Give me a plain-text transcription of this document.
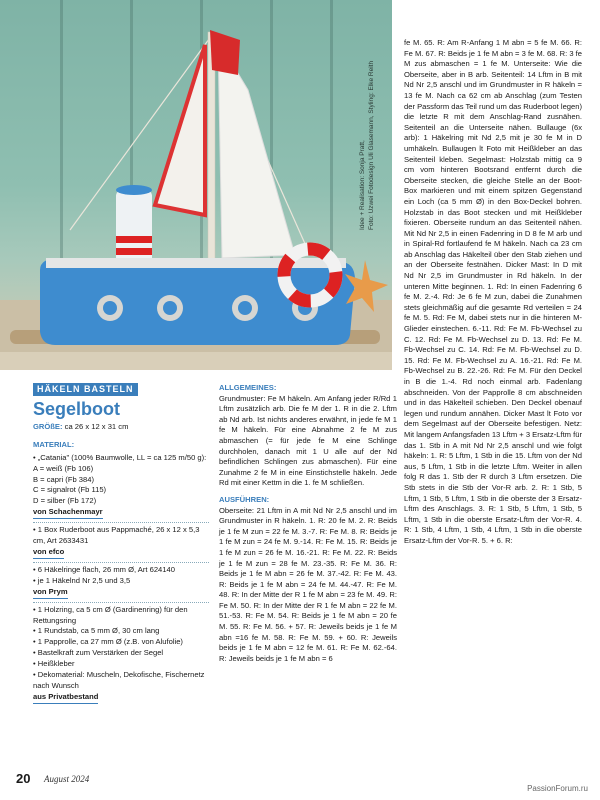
Idee + Realisation: Sonja Pratt, Foto: Uzwei Fotodesign Uli Glasemann, Styling: Elke Reith
HÄKELN BASTELN
Segelboot
GRÖßE: ca 26 x 12 x 31 cm
MATERIAL:
• „Catania" (100% Baumwolle, LL = ca 125 m/50 g):
A = weiß (Fb 106)
B = capri (Fb 384)
C = signalrot (Fb 115)
D = silber (Fb 172)
von Schachenmayr
• 1 Box Ruderboot aus Pappmaché, 26 x 12 x 5,3 cm, Art 2633431
von efco
• 6 Häkelringe flach, 26 mm Ø, Art 624140
• je 1 Häkelnd Nr 2,5 und 3,5
von Prym
• 1 Holzring, ca 5 cm Ø (Gardinenring) für den Rettungsring
• 1 Rundstab, ca 5 mm Ø, 30 cm lang
• 1 Papprolle, ca 27 mm Ø (z.B. von Alufolie)
• Bastelkraft zum Verstärken der Segel
• Heißkleber
• Dekomaterial: Muscheln, Dekofische, Fischernetz nach Wunsch
aus Privatbestand
ALLGEMEINES:

Grundmuster: Fe M häkeln. Am Anfang jeder R/Rd 1 Lftm zusätzlich arb. Die fe M der 1. R in die 2. Lftm ab Nd arb. Ist nichts anderes erwähnt, in jede fe M 1 fe M häkeln. Für eine Abnahme 2 fe M zus abmaschen (= für jede fe M eine Schlinge durchholen, danach mit 1 U alle auf der Nd befindlichen Schlingen zus abmaschen). Für eine Zunahme 2 fe M in eine Einstichstelle häkeln. Jede Rd mit einer Kettm in die 1. fe M schließen.

AUSFÜHREN:

Oberseite: 21 Lftm in A mit Nd Nr 2,5 anschl und im Grundmuster in R häkeln. 1. R: 20 fe M. 2. R: Beids je 1 fe M zun = 22 fe M. 3.-7. R: Fe M. 8. R: Beids je 1 fe M zun = 24 fe M. 9.-14. R: Fe M. 15. R: Beids je 1 fe M zun = 26 fe M. 16.-21. R: Fe M. 22. R: Beids je 1 fe M zun = 28 fe M. 23.-35. R: Fe M. 36. R: Beids je 1 fe M abn = 26 fe M. 37.-42. R: Fe M. 43. R: Beids je 1 fe M abn = 24 fe M. 44.-47. R: Fe M. 48. R: In der Mitte der R 1 fe M abn = 23 fe M. 49. R: Fe M. 50. R: In der Mitte der R 1 fe M abn = 22 fe M. 51.-53. R: Fe M. 54. R: Beids je 1 fe M abn = 20 fe M. 55. R: Fe M. 56. + 57. R: Jeweils beids je 1 fe M abn =16 fe M. 58. R: Fe M. 59. + 60. R: Jeweils beids je 1 fe M abn = 12 fe M. 61. R: Fe M. 62.-64. R: Jeweils beids je 1 fe M abn = 6

fe M. 65. R: Am R-Anfang 1 M abn = 5 fe M. 66. R: Fe M. 67. R: Beids je 1 fe M abn = 3 fe M. 68. R: 3 fe M zus abmaschen = 1 fe M. Unterseite: Wie die Oberseite, aber in B arb. Seitenteil: 14 Lftm in B mit Nd Nr 2,5 anschl und im Grundmuster in R häkeln = 13 fe M. Nach ca 62 cm ab Anschlag (zum Testen der Passform das Teil rund um das Ruderboot legen) die letzte R mit dem Anschlag-Rand zusnähen. Seitenteil an die Unterseite nähen. Bullauge (6x arb): 1 Häkelring mit Nd 2,5 mit je 30 fe M in D umhäkeln. Bullaugen lt Foto mit Heißkleber an das Seitenteil kleben. Segelmast: Holzstab mittig ca 9 cm vom hinteren Bootsrand entfernt durch die Oberseite stecken, die gleiche Stelle an der Boot-Box markieren und mit einem spitzen Gegenstand ein Loch (ca 5 mm Ø) in den Box-Deckel bohren. Holzstab in das Boot stecken und mit Heißkleber fixieren. Oberseite rundum an das Seitenteil nähen. Mit Nd Nr 2,5 in einen Fadenring in D 8 fe M arb und in Spiral-Rd fortlaufend fe M häkeln. Nach ca 23 cm ab Anschlag das Häkelteil über den Stab ziehen und an der Oberseite festnähen. Dicker Mast: In D mit Nd Nr 2,5 im Grundmuster in Rd häkeln. In der unteren Mitte beginnen. 1. Rd: In einen Fadenring 6 fe M. 2.-4. Rd: Je 6 fe M zun, dabei die Zunahmen stets gleichmäßig auf die gesamte Rd verteilen = 24 fe M. 5. Rd: Fe M, dabei stets nur in die hinteren M-Glieder einstechen. 6.-11. Rd: Fe M. Fb-Wechsel zu C. 12. Rd: Fe M. Fb-Wechsel zu D. 13. Rd: Fe M. Fb-Wechsel zu C. 14. Rd: Fe M. Fb-Wechsel zu D. 15. Rd: Fe M. Fb-Wechsel zu A. 16.-21. Rd: Fe M. Fb-Wechsel zu B. 22.-26. Rd: Fe M. Für den Deckel in B die 1.-4. Rd noch einmal arb. Fadenlang abschneiden. Von der Papprolle 8 cm abschneiden und in das Häkelteil schieben. Den Deckel obenauf legen und rundum annähen. Dicker Mast lt Foto vor dem Segelmast auf der Oberseite befestigen. Netz: Mit langem Anfangsfaden 13 Lftm + 3 Ersatz-Lftm für das 1. Stb in A mit Nd Nr 2,5 anschl und wie folgt häkeln: 1. R: 5 Lftm, 1 Stb in die 15. Lftm von der Nd aus, 5 Lftm, 1 Stb in die letzte Lftm. Weiter in allen folg R das 1. Stb der R durch 3 Lftm ersetzen. Die Stb stets in die Stb der Vor-R arb. 2. R: 1 Stb, 5 Lftm, 1 Stb, 5 Lftm, 1 Stb in die oberste der 3 Ersatz-Lftm des Anschlags. 3. R: 1 Stb, 5 Lftm, 1 Stb, 5 Lftm, 1 Stb in die oberste Ersatz-Lftm der Vor-R. 4. R: 1 Stb, 4 Lftm, 1 Stb, 4 Lftm, 1 Stb in die oberste Ersatz-Lftm der Vor-R. 5. + 6. R:

20 August 2024
PassionForum.ru
